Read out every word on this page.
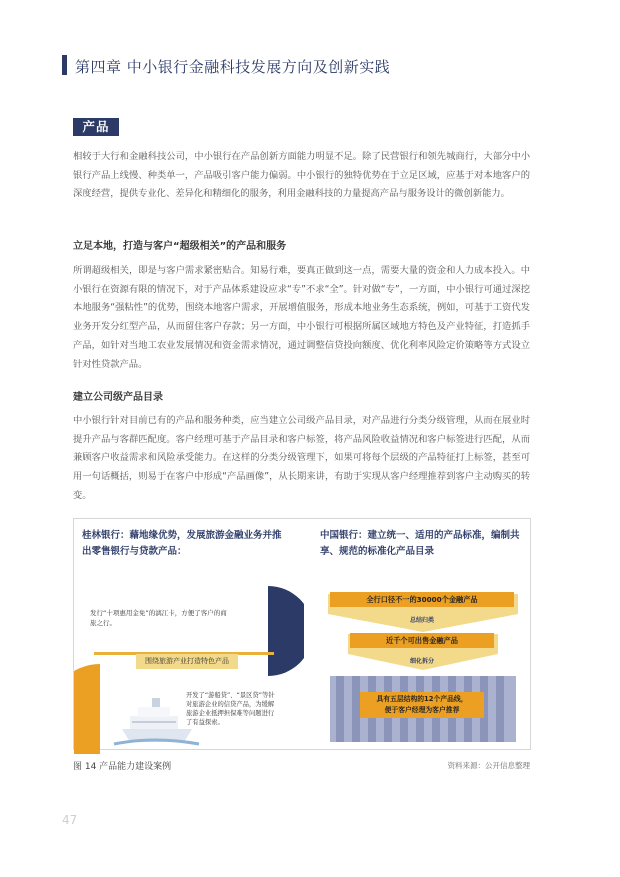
第四章 中小银行金融科技发展方向及创新实践
产品

相较于大行和金融科技公司，中小银行在产品创新方面能力明显不足。除了民营银行和领先城商行，大部分中小银行产品上线慢、种类单一，产品吸引客户能力偏弱。中小银行的独特优势在于立足区域，应基于对本地客户的深度经营，提供专业化、差异化和精细化的服务，利用金融科技的力量提高产品与服务设计的微创新能力。

立足本地，打造与客户“超级相关”的产品和服务

所谓超级相关，即是与客户需求紧密贴合。知易行难，要真正做到这一点，需要大量的资金和人力成本投入。中小银行在资源有限的情况下，对于产品体系建设应求“专”不求“全”。针对做“专”，一方面，中小银行可通过深挖本地服务“强粘性”的优势，围绕本地客户需求，开展增值服务，形成本地业务生态系统，例如，可基于工资代发业务开发分红型产品，从而留住客户存款；另一方面，中小银行可根据所属区域地方特色及产业特征，打造抓手产品，如针对当地工农业发展情况和资金需求情况，通过调整信贷投向额度、优化利率风险定价策略等方式设立针对性贷款产品。

建立公司级产品目录

中小银行针对目前已有的产品和服务种类，应当建立公司级产品目录，对产品进行分类分级管理，从而在展业时提升产品与客群匹配度。客户经理可基于产品目录和客户标签，将产品风险收益情况和客户标签进行匹配，从而兼顾客户收益需求和风险承受能力。在这样的分类分级管理下，如果可将每个层级的产品特征打上标签，甚至可用一句话概括，则易于在客户中形成“产品画像”，从长期来讲，有助于实现从客户经理推荐到客户主动购买的转变。

桂林银行：藉地缘优势，发展旅游金融业务并推出零售银行与贷款产品：
零售银行
发行“十项惠用金免”的漓江卡，方便了客户的商旅之行。
围绕旅游产业打造特色产品
对公业务
开发了“游船贷”、“景区贷”等针对旅游企业的信贷产品，为缓解旅游企业抵押担保难等问题进行了有益探索。
中国银行：建立统一、适用的产品标准，编制共享、规范的标准化产品目录
全行口径不一的30000个金融产品
总结归类
近千个可出售金融产品
细化拆分
具有五层结构的12个产品线，
便于客户经理为客户推荐
图 14 产品能力建设案例	资料来源：公开信息整理
47
